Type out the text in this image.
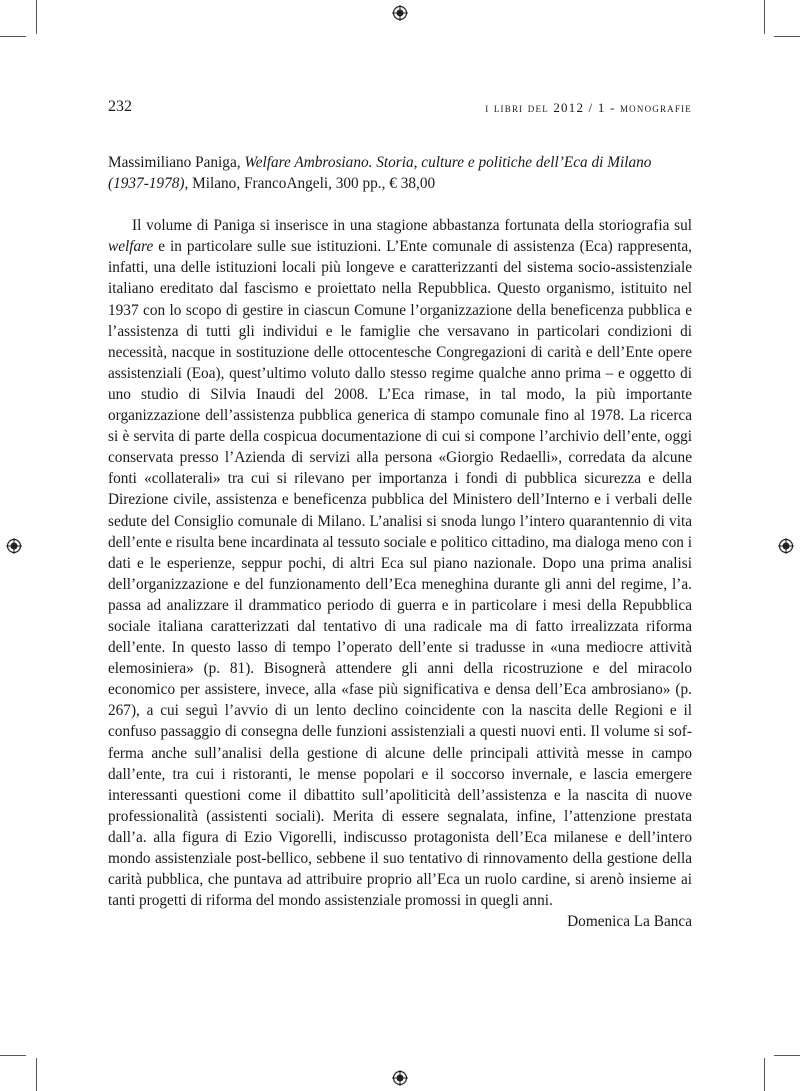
232	i libri del 2012 / 1 - monografie

Massimiliano Paniga, Welfare Ambrosiano. Storia, culture e politiche dell’Eca di Milano (1937-1978), Milano, FrancoAngeli, 300 pp., € 38,00

Il volume di Paniga si inserisce in una stagione abbastanza fortunata della storiografia sul welfare e in particolare sulle sue istituzioni. L’Ente comunale di assistenza (Eca) rappresenta, infatti, una delle istituzioni locali più longeve e caratterizzanti del sistema socio-assistenziale italiano ereditato dal fascismo e proiettato nella Repubblica. Questo organismo, istituito nel 1937 con lo scopo di gestire in ciascun Comune l’organizzazione della beneficenza pubblica e l’assistenza di tutti gli individui e le famiglie che versavano in particolari condizioni di necessità, nacque in sostituzione delle ottocentesche Congregazioni di carità e dell’Ente opere assistenziali (Eoa), quest’ultimo voluto dallo stesso regime qualche anno prima – e oggetto di uno studio di Silvia Inaudi del 2008. L’Eca rimase, in tal modo, la più importante organizzazione dell’assistenza pubblica generica di stampo comunale fino al 1978. La ricerca si è servita di parte della cospicua documentazione di cui si compone l’archivio dell’ente, oggi conservata presso l’Azienda di servizi alla persona «Giorgio Redaelli», corredata da alcune fonti «collaterali» tra cui si rilevano per importanza i fondi di pubblica sicurezza e della Direzione civile, assistenza e beneficenza pubblica del Ministero dell’Interno e i verbali delle sedute del Consiglio comunale di Milano. L’analisi si snoda lungo l’intero quarantennio di vita dell’ente e risulta bene incardinata al tessuto sociale e politico cittadino, ma dialoga meno con i dati e le esperienze, seppur pochi, di altri Eca sul piano nazionale. Dopo una prima analisi dell’organizzazione e del funzionamento dell’Eca meneghina durante gli anni del regime, l’a. passa ad analizzare il drammatico periodo di guerra e in particolare i mesi della Repubblica sociale italiana caratterizzati dal tentativo di una radicale ma di fatto irrealizzata riforma dell’ente. In questo lasso di tempo l’operato dell’ente si tradusse in «una mediocre attività elemosiniera» (p. 81). Bisognerà attendere gli anni della ricostruzione e del miracolo economico per assistere, invece, alla «fase più significativa e densa dell’Eca ambrosiano» (p. 267), a cui seguì l’avvio di un lento declino coincidente con la nascita delle Regioni e il confuso passaggio di consegna delle funzioni assistenziali a questi nuovi enti. Il volume si sofferma anche sull’analisi della gestione di alcune delle principali attività messe in campo dall’ente, tra cui i ristoranti, le mense popolari e il soccorso invernale, e lascia emergere interessanti questioni come il dibattito sull’apoliticità dell’assistenza e la nascita di nuove professionalità (assistenti sociali). Merita di essere segnalata, infine, l’attenzione prestata dall’a. alla figura di Ezio Vigorelli, indiscusso protagonista dell’Eca milanese e dell’intero mondo assistenziale post-bellico, sebbene il suo tentativo di rinnovamento della gestione della carità pubblica, che puntava ad attribuire proprio all’Eca un ruolo cardine, si arenò insieme ai tanti progetti di riforma del mondo assistenziale promossi in quegli anni.

Domenica La Banca
